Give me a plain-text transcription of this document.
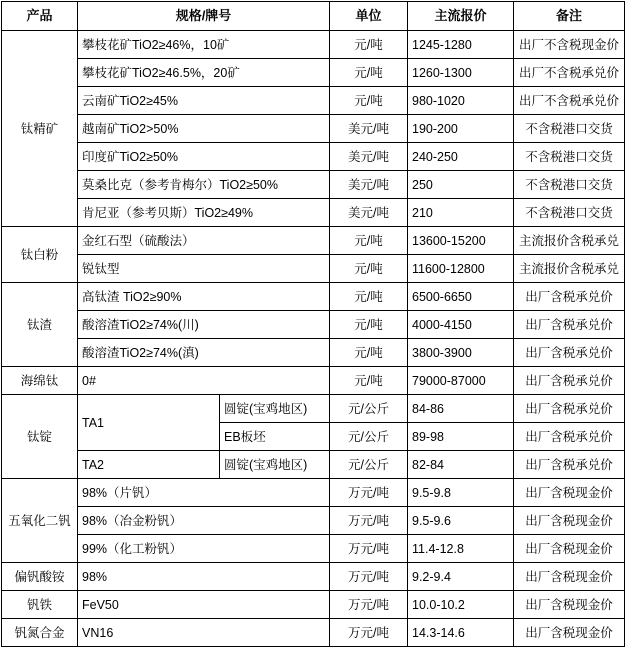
产品	规格/牌号		单位	主流报价	备注
钛精矿	攀枝花矿TiO2≥46%，10矿		元/吨	1245-1280	出厂不含税现金价
	攀枝花矿TiO2≥46.5%，20矿		元/吨	1260-1300	出厂不含税承兑价
	云南矿TiO2≥45%		元/吨	980-1020	出厂不含税承兑价
	越南矿TiO2>50%		美元/吨	190-200	不含税港口交货
	印度矿TiO2≥50%		美元/吨	240-250	不含税港口交货
	莫桑比克（参考肯梅尔）TiO2≥50%		美元/吨	250	不含税港口交货
	肯尼亚（参考贝斯）TiO2≥49%		美元/吨	210	不含税港口交货
钛白粉	金红石型（硫酸法）		元/吨	13600-15200	主流报价含税承兑
	锐钛型		元/吨	11600-12800	主流报价含税承兑
钛渣	高钛渣 TiO2≥90%		元/吨	6500-6650	出厂含税承兑价
	酸溶渣TiO2≥74%(川)		元/吨	4000-4150	出厂含税承兑价
	酸溶渣TiO2≥74%(滇)		元/吨	3800-3900	出厂含税承兑价
海绵钛	0#		元/吨	79000-87000	出厂含税承兑价
钛锭	TA1	圆锭(宝鸡地区)	元/公斤	84-86	出厂含税承兑价
		EB板坯	元/公斤	89-98	出厂含税承兑价
	TA2	圆锭(宝鸡地区)	元/公斤	82-84	出厂含税承兑价
五氧化二钒	98%（片钒）		万元/吨	9.5-9.8	出厂含税现金价
	98%（冶金粉钒）		万元/吨	9.5-9.6	出厂含税现金价
	99%（化工粉钒）		万元/吨	11.4-12.8	出厂含税现金价
偏钒酸铵	98%		万元/吨	9.2-9.4	出厂含税现金价
钒铁	FeV50		万元/吨	10.0-10.2	出厂含税现金价
钒氮合金	VN16		万元/吨	14.3-14.6	出厂含税现金价
